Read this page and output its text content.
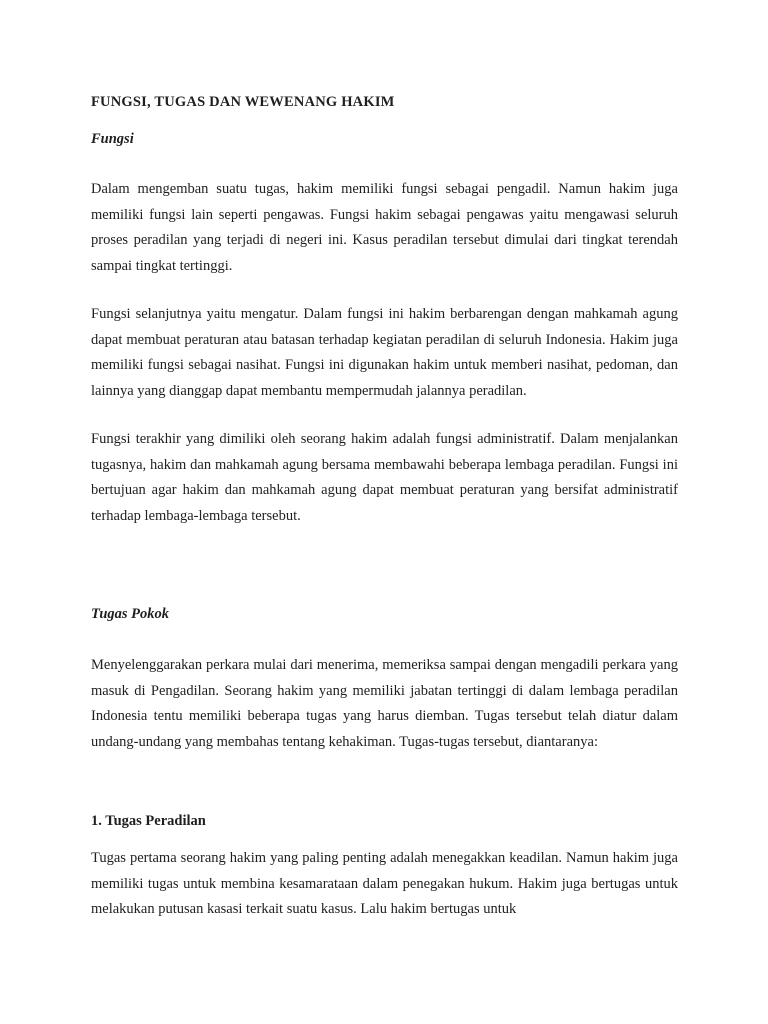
FUNGSI, TUGAS DAN WEWENANG HAKIM
Fungsi

Dalam mengemban suatu tugas, hakim memiliki fungsi sebagai pengadil. Namun hakim juga memiliki fungsi lain seperti pengawas. Fungsi hakim sebagai pengawas yaitu mengawasi seluruh proses peradilan yang terjadi di negeri ini. Kasus peradilan tersebut dimulai dari tingkat terendah sampai tingkat tertinggi.

Fungsi selanjutnya yaitu mengatur. Dalam fungsi ini hakim berbarengan dengan mahkamah agung dapat membuat peraturan atau batasan terhadap kegiatan peradilan di seluruh Indonesia. Hakim juga memiliki fungsi sebagai nasihat. Fungsi ini digunakan hakim untuk memberi nasihat, pedoman, dan lainnya yang dianggap dapat membantu mempermudah jalannya peradilan.

Fungsi terakhir yang dimiliki oleh seorang hakim adalah fungsi administratif. Dalam menjalankan tugasnya, hakim dan mahkamah agung bersama membawahi beberapa lembaga peradilan. Fungsi ini bertujuan agar hakim dan mahkamah agung dapat membuat peraturan yang bersifat administratif terhadap lembaga-lembaga tersebut.

Tugas Pokok

Menyelenggarakan perkara mulai dari menerima, memeriksa sampai dengan mengadili perkara yang masuk di Pengadilan. Seorang hakim yang memiliki jabatan tertinggi di dalam lembaga peradilan Indonesia tentu memiliki beberapa tugas yang harus diemban. Tugas tersebut telah diatur dalam undang-undang yang membahas tentang kehakiman. Tugas-tugas tersebut, diantaranya:

1. Tugas Peradilan

Tugas pertama seorang hakim yang paling penting adalah menegakkan keadilan. Namun hakim juga memiliki tugas untuk membina kesamarataan dalam penegakan hukum. Hakim juga bertugas untuk melakukan putusan kasasi terkait suatu kasus. Lalu hakim bertugas untuk
